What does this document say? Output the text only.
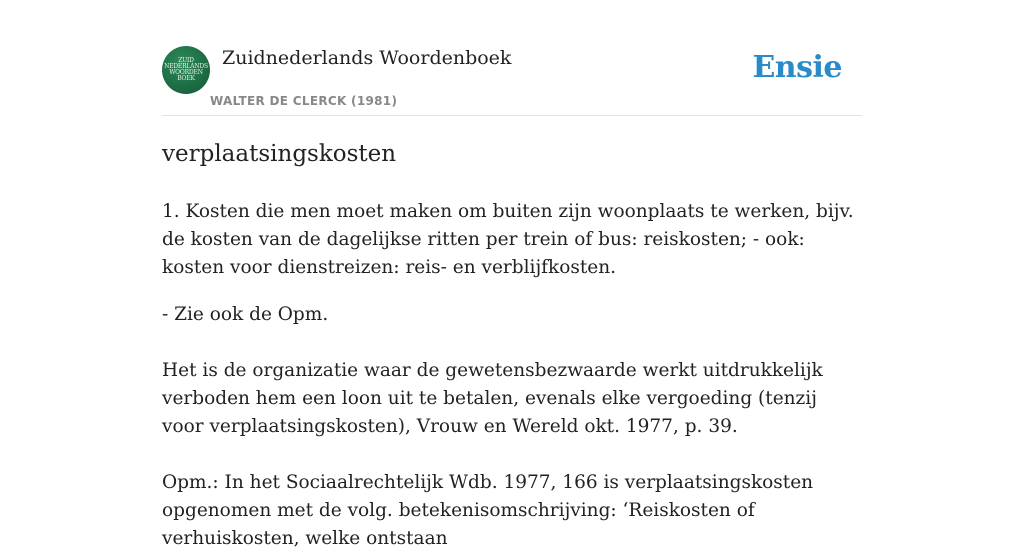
ZUID
NEDERLANDS
WOORDEN
BOEK
Zuidnederlands Woordenboek
WALTER DE CLERCK (1981)
Ensie
verplaatsingskosten

1. Kosten die men moet maken om buiten zijn woonplaats te werken, bijv. de kosten van de dagelijkse ritten per trein of bus: reiskosten; - ook: kosten voor dienstreizen: reis- en verblijfkosten.

- Zie ook de Opm.

Het is de organizatie waar de gewetensbezwaarde werkt uitdrukkelijk verboden hem een loon uit te betalen, evenals elke vergoeding (tenzij voor verplaatsingskosten), Vrouw en Wereld okt. 1977, p. 39.

Opm.: In het Sociaalrechtelijk Wdb. 1977, 166 is verplaatsingskosten opgenomen met de volg. betekenisomschrijving: ‘Reiskosten of verhuiskosten, welke ontstaan
